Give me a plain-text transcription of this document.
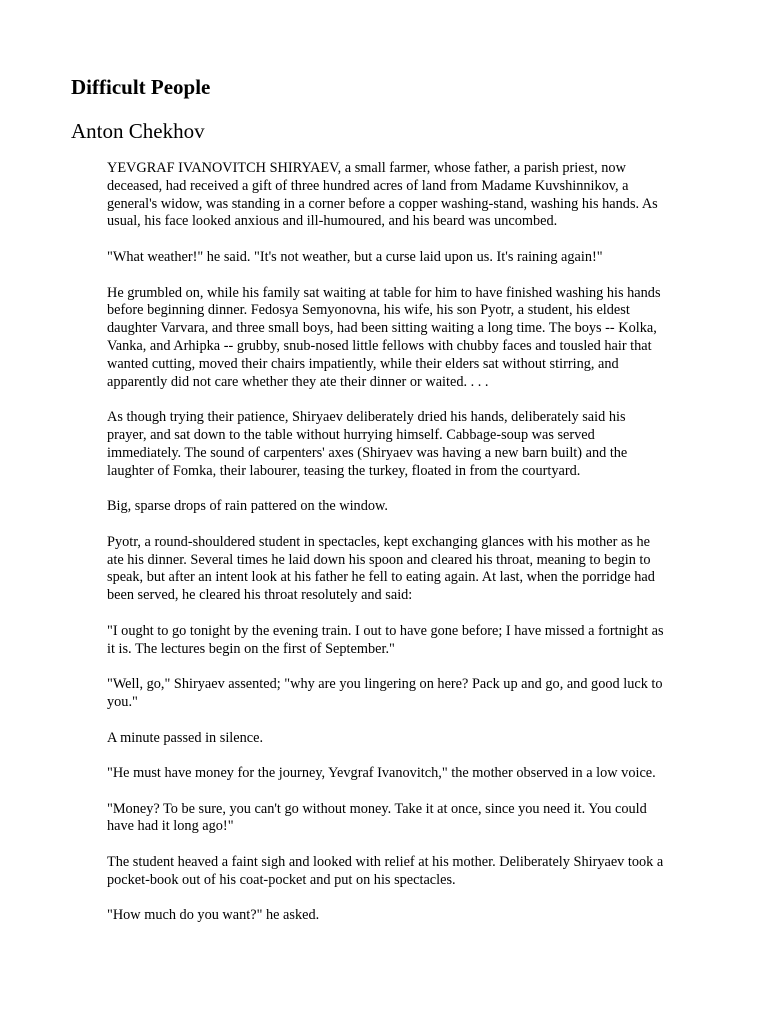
Difficult People
Anton Chekhov

YEVGRAF IVANOVITCH SHIRYAEV, a small farmer, whose father, a parish priest, now deceased, had received a gift of three hundred acres of land from Madame Kuvshinnikov, a general's widow, was standing in a corner before a copper washing-stand, washing his hands. As usual, his face looked anxious and ill-humoured, and his beard was uncombed.

"What weather!" he said. "It's not weather, but a curse laid upon us. It's raining again!"

He grumbled on, while his family sat waiting at table for him to have finished washing his hands before beginning dinner. Fedosya Semyonovna, his wife, his son Pyotr, a student, his eldest daughter Varvara, and three small boys, had been sitting waiting a long time. The boys -- Kolka, Vanka, and Arhipka -- grubby, snub-nosed little fellows with chubby faces and tousled hair that wanted cutting, moved their chairs impatiently, while their elders sat without stirring, and apparently did not care whether they ate their dinner or waited. . . .

As though trying their patience, Shiryaev deliberately dried his hands, deliberately said his prayer, and sat down to the table without hurrying himself. Cabbage-soup was served immediately. The sound of carpenters' axes (Shiryaev was having a new barn built) and the laughter of Fomka, their labourer, teasing the turkey, floated in from the courtyard.

Big, sparse drops of rain pattered on the window.

Pyotr, a round-shouldered student in spectacles, kept exchanging glances with his mother as he ate his dinner. Several times he laid down his spoon and cleared his throat, meaning to begin to speak, but after an intent look at his father he fell to eating again. At last, when the porridge had been served, he cleared his throat resolutely and said:

"I ought to go tonight by the evening train. I out to have gone before; I have missed a fortnight as it is. The lectures begin on the first of September."

"Well, go," Shiryaev assented; "why are you lingering on here? Pack up and go, and good luck to you."

A minute passed in silence.

"He must have money for the journey, Yevgraf Ivanovitch," the mother observed in a low voice.

"Money? To be sure, you can't go without money. Take it at once, since you need it. You could have had it long ago!"

The student heaved a faint sigh and looked with relief at his mother. Deliberately Shiryaev took a pocket-book out of his coat-pocket and put on his spectacles.

"How much do you want?" he asked.
